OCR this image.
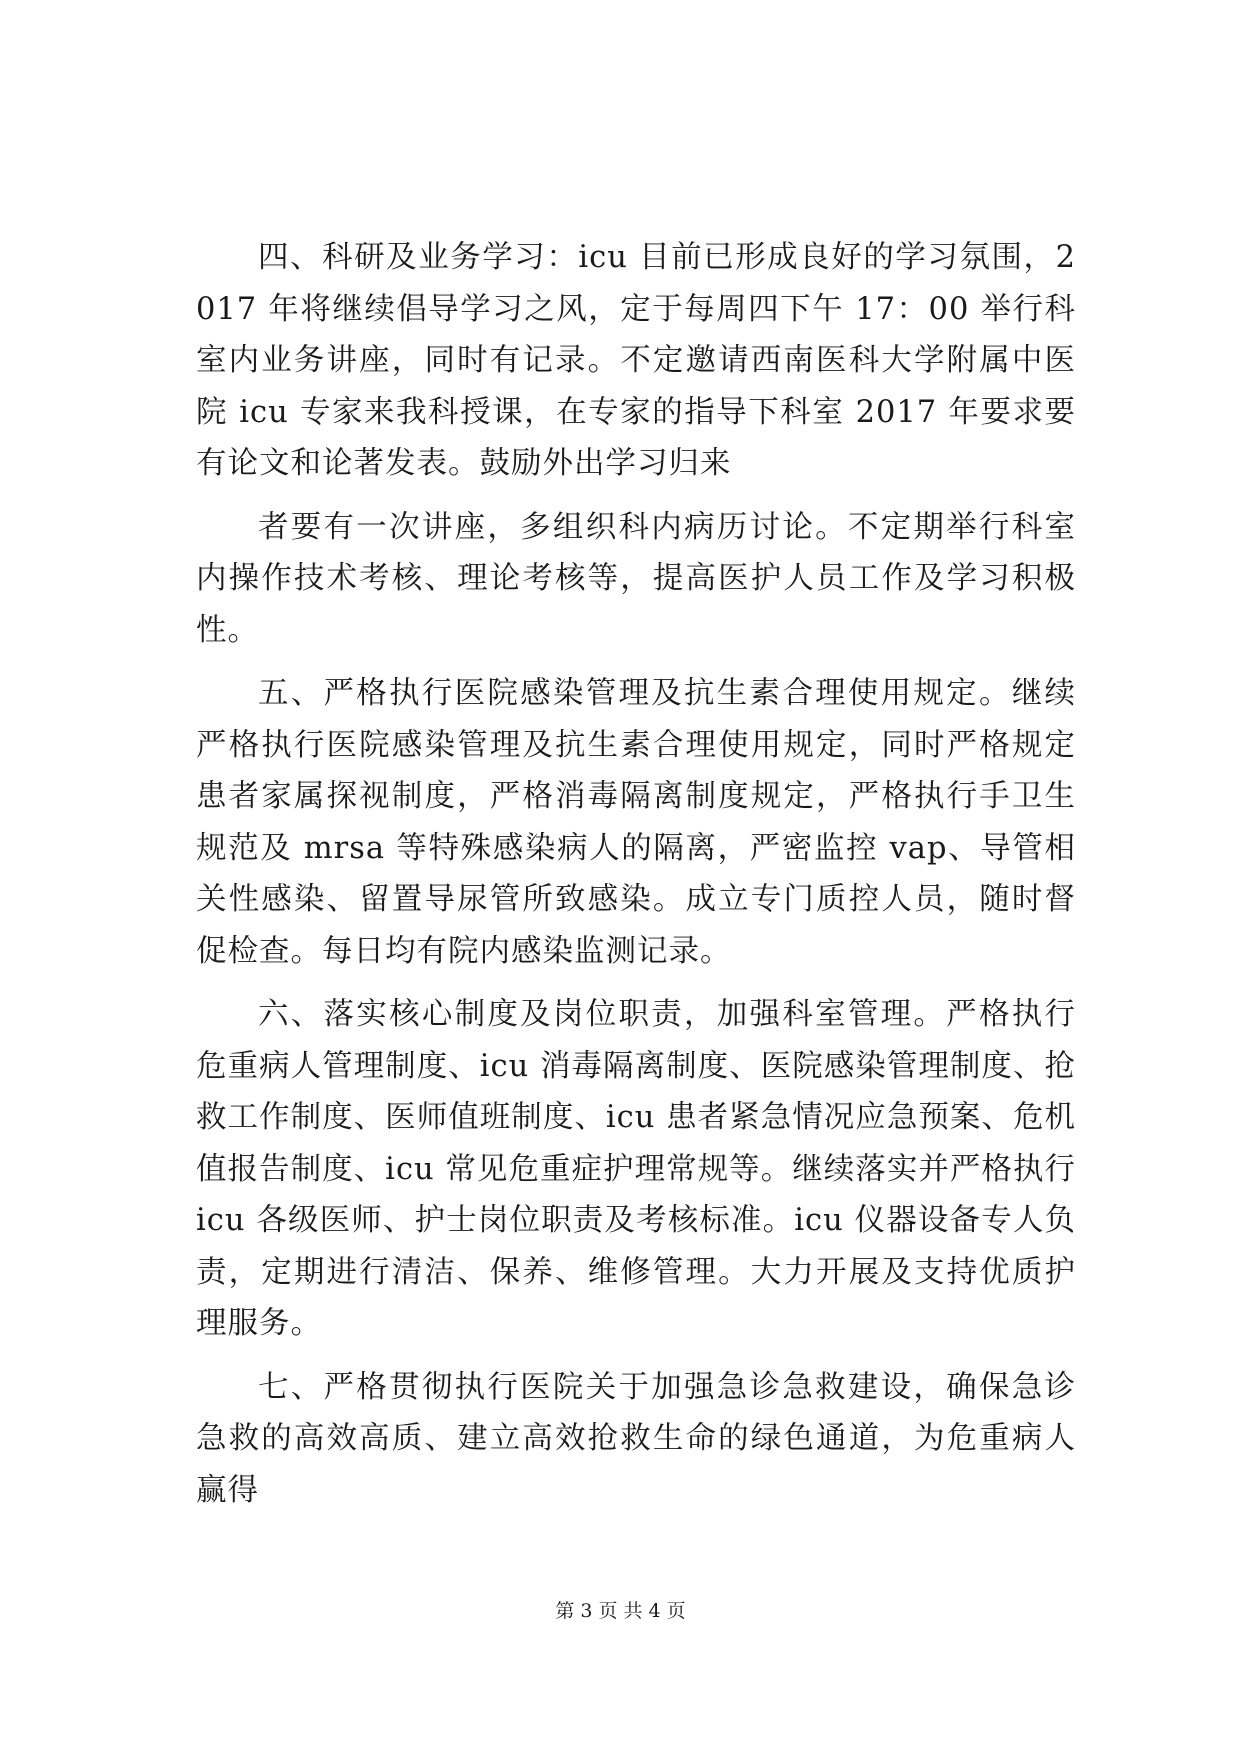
四、科研及业务学习：icu 目前已形成良好的学习氛围，2017 年将继续倡导学习之风，定于每周四下午 17：00 举行科室内业务讲座，同时有记录。不定邀请西南医科大学附属中医院 icu 专家来我科授课，在专家的指导下科室 2017 年要求要有论文和论著发表。鼓励外出学习归来

者要有一次讲座，多组织科内病历讨论。不定期举行科室内操作技术考核、理论考核等，提高医护人员工作及学习积极性。

五、严格执行医院感染管理及抗生素合理使用规定。继续严格执行医院感染管理及抗生素合理使用规定，同时严格规定患者家属探视制度，严格消毒隔离制度规定，严格执行手卫生规范及 mrsa 等特殊感染病人的隔离，严密监控 vap、导管相关性感染、留置导尿管所致感染。成立专门质控人员，随时督促检查。每日均有院内感染监测记录。

六、落实核心制度及岗位职责，加强科室管理。严格执行危重病人管理制度、icu 消毒隔离制度、医院感染管理制度、抢救工作制度、医师值班制度、icu 患者紧急情况应急预案、危机值报告制度、icu 常见危重症护理常规等。继续落实并严格执行 icu 各级医师、护士岗位职责及考核标准。icu 仪器设备专人负责，定期进行清洁、保养、维修管理。大力开展及支持优质护理服务。

七、严格贯彻执行医院关于加强急诊急救建设，确保急诊急救的高效高质、建立高效抢救生命的绿色通道，为危重病人赢得

第 3 页 共 4 页
